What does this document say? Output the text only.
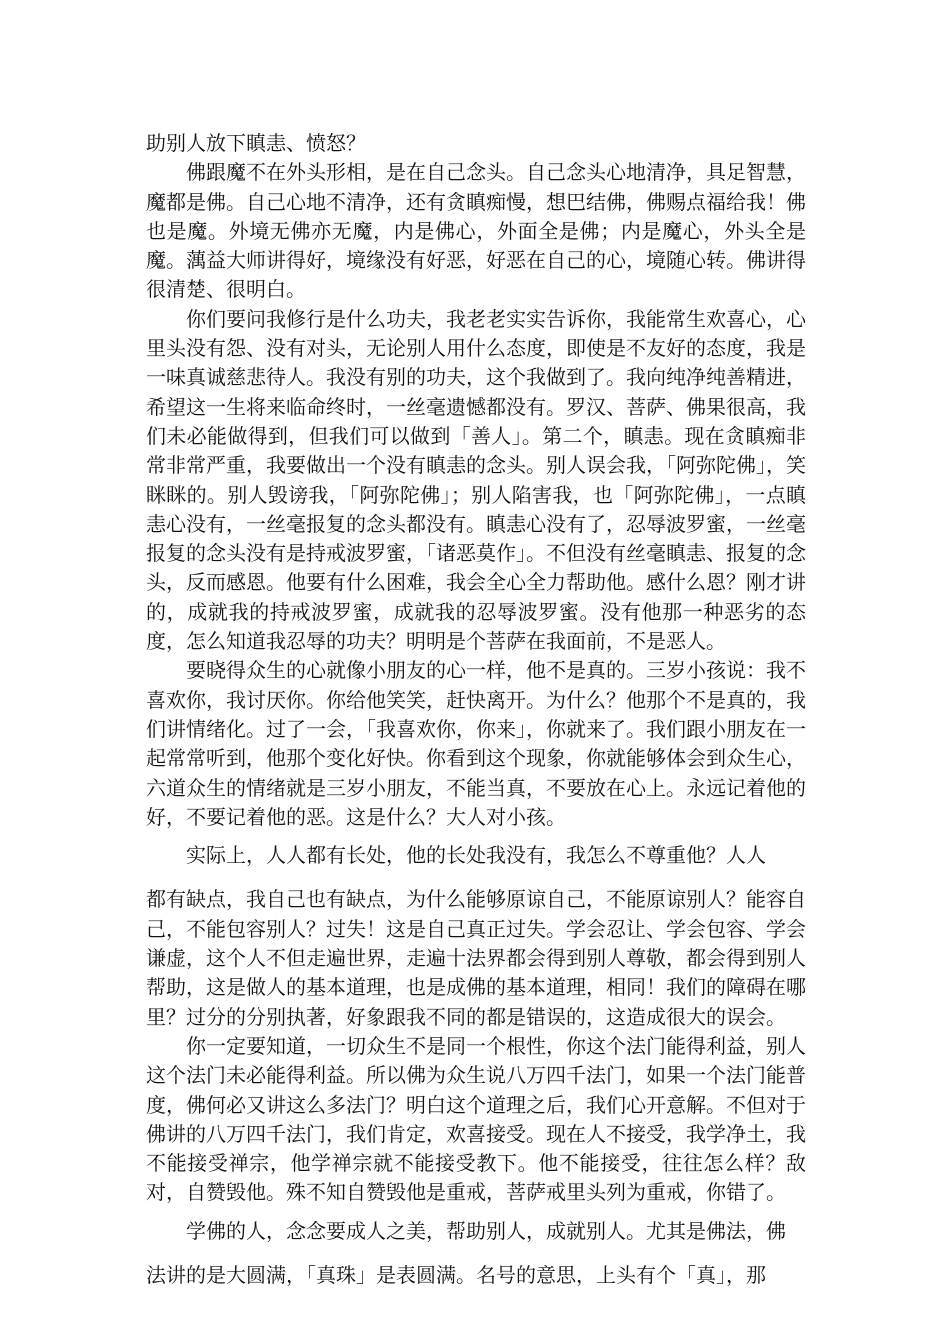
助别人放下瞋恚、愤怒？

佛跟魔不在外头形相，是在自己念头。自己念头心地清净，具足智慧，魔都是佛。自己心地不清净，还有贪瞋痴慢，想巴结佛，佛赐点福给我！佛也是魔。外境无佛亦无魔，内是佛心，外面全是佛；内是魔心，外头全是魔。蕅益大师讲得好，境缘没有好恶，好恶在自己的心，境随心转。佛讲得很清楚、很明白。

你们要问我修行是什么功夫，我老老实实告诉你，我能常生欢喜心，心里头没有怨、没有对头，无论别人用什么态度，即使是不友好的态度，我是一味真诚慈悲待人。我没有别的功夫，这个我做到了。我向纯净纯善精进，希望这一生将来临命终时，一丝毫遗憾都没有。罗汉、菩萨、佛果很高，我们未必能做得到，但我们可以做到「善人」。第二个，瞋恚。现在贪瞋痴非常非常严重，我要做出一个没有瞋恚的念头。别人误会我，「阿弥陀佛」，笑眯眯的。别人毁谤我，「阿弥陀佛」；别人陷害我，也「阿弥陀佛」，一点瞋恚心没有，一丝毫报复的念头都没有。瞋恚心没有了，忍辱波罗蜜，一丝毫报复的念头没有是持戒波罗蜜，「诸恶莫作」。不但没有丝毫瞋恚、报复的念头，反而感恩。他要有什么困难，我会全心全力帮助他。感什么恩？刚才讲的，成就我的持戒波罗蜜，成就我的忍辱波罗蜜。没有他那一种恶劣的态度，怎么知道我忍辱的功夫？明明是个菩萨在我面前，不是恶人。

要晓得众生的心就像小朋友的心一样，他不是真的。三岁小孩说：我不喜欢你，我讨厌你。你给他笑笑，赶快离开。为什么？他那个不是真的，我们讲情绪化。过了一会，「我喜欢你，你来」，你就来了。我们跟小朋友在一起常常听到，他那个变化好快。你看到这个现象，你就能够体会到众生心，六道众生的情绪就是三岁小朋友，不能当真，不要放在心上。永远记着他的好，不要记着他的恶。这是什么？大人对小孩。

实际上，人人都有长处，他的长处我没有，我怎么不尊重他？人人

都有缺点，我自己也有缺点，为什么能够原谅自己，不能原谅别人？能容自己，不能包容别人？过失！这是自己真正过失。学会忍让、学会包容、学会谦虚，这个人不但走遍世界，走遍十法界都会得到别人尊敬，都会得到别人帮助，这是做人的基本道理，也是成佛的基本道理，相同！我们的障碍在哪里？过分的分别执著，好象跟我不同的都是错误的，这造成很大的误会。

你一定要知道，一切众生不是同一个根性，你这个法门能得利益，别人这个法门未必能得利益。所以佛为众生说八万四千法门，如果一个法门能普度，佛何必又讲这么多法门？明白这个道理之后，我们心开意解。不但对于佛讲的八万四千法门，我们肯定，欢喜接受。现在人不接受，我学净土，我不能接受禅宗，他学禅宗就不能接受教下。他不能接受，往往怎么样？敌对，自赞毁他。殊不知自赞毁他是重戒，菩萨戒里头列为重戒，你错了。

学佛的人，念念要成人之美，帮助别人，成就别人。尤其是佛法，佛

法讲的是大圆满，「真珠」是表圆满。名号的意思，上头有个「真」，那
